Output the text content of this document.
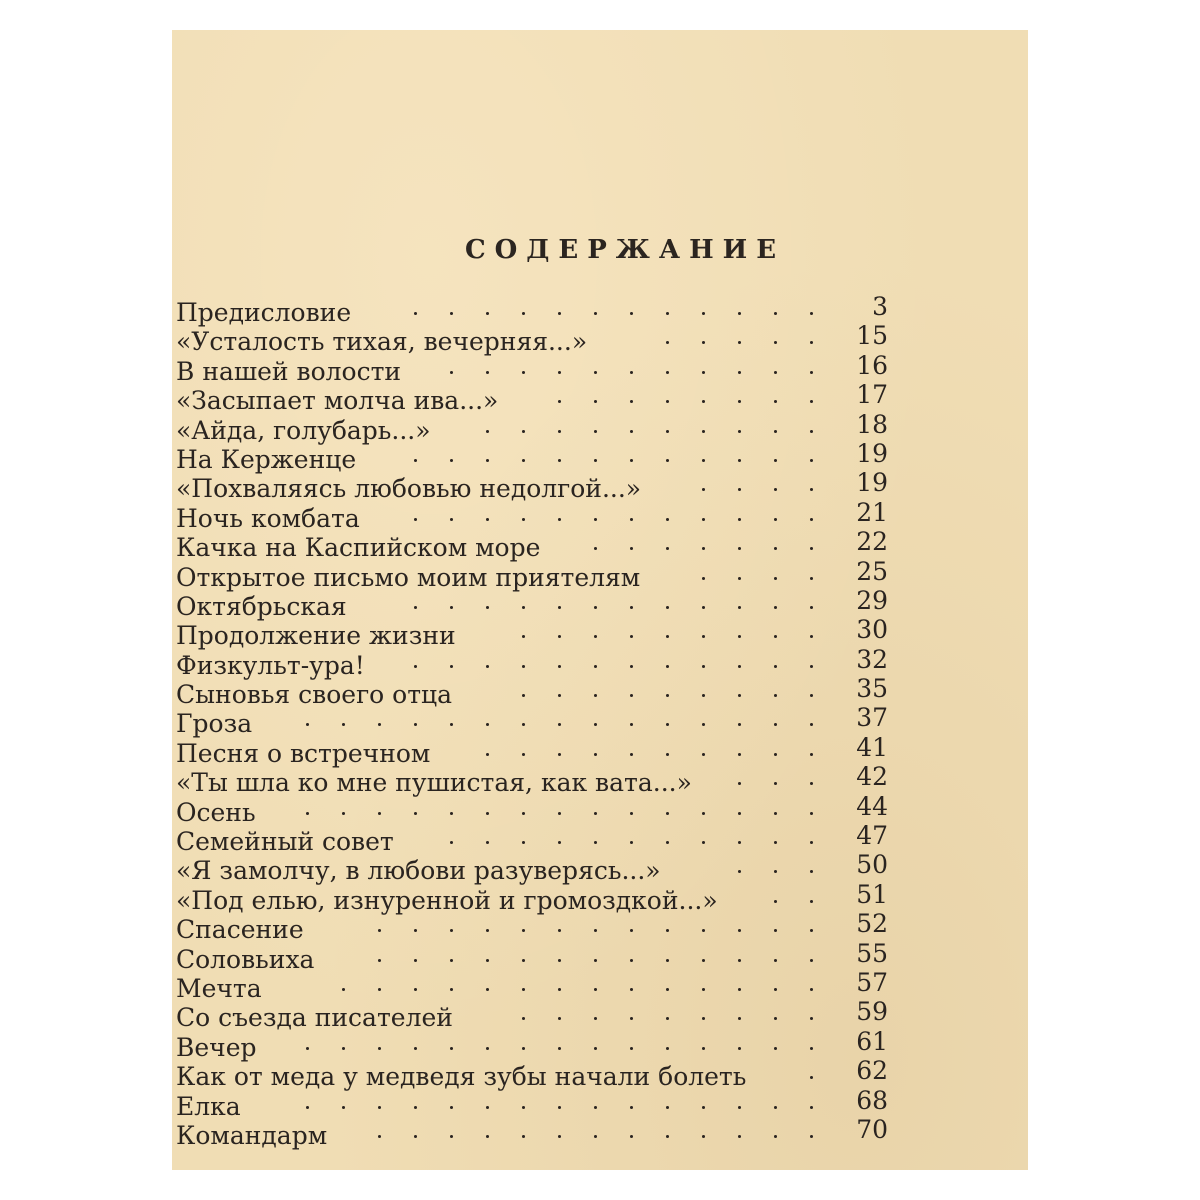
СОДЕРЖАНИЕ
Предисловие	3
«Усталость тихая, вечерняя...»	15
В нашей волости	16
«Засыпает молча ива...»	17
«Айда, голубарь...»	18
На Керженце	19
«Похваляясь любовью недолгой...»	19
Ночь комбата	21
Качка на Каспийском море	22
Открытое письмо моим приятелям	25
Октябрьская	29
Продолжение жизни	30
Физкульт-ура!	32
Сыновья своего отца	35
Гроза	37
Песня о встречном	41
«Ты шла ко мне пушистая, как вата...»	42
Осень	44
Семейный совет	47
«Я замолчу, в любови разуверясь...»	50
«Под елью, изнуренной и громоздкой...»	51
Спасение	52
Соловьиха	55
Мечта	57
Со съезда писателей	59
Вечер	61
Как от меда у медведя зубы начали болеть	62
Елка	68
Командарм	70
